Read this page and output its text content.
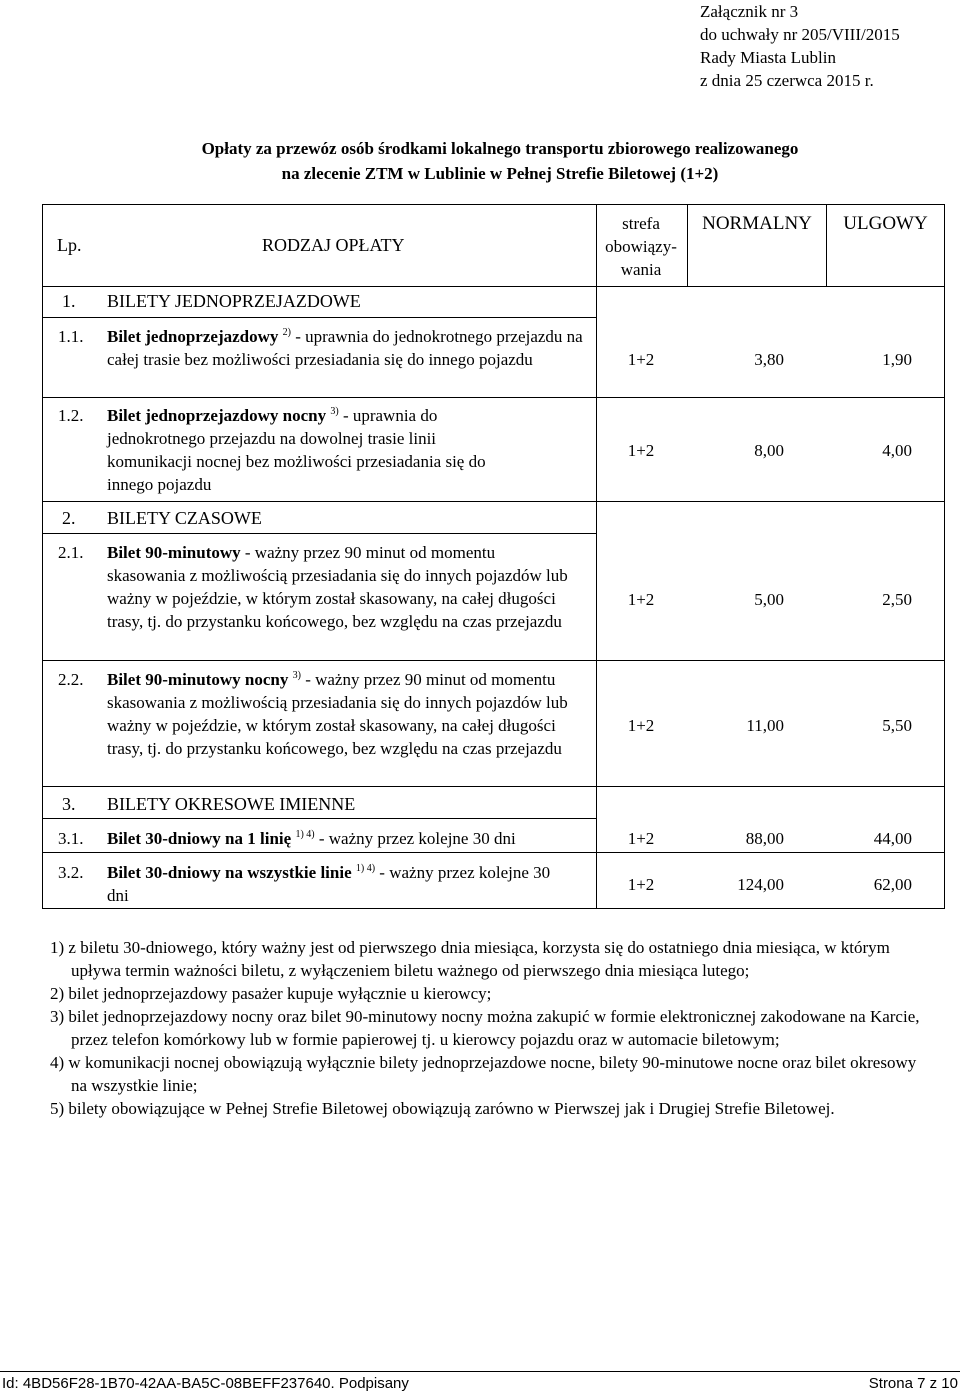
Załącznik nr 3
do uchwały nr 205/VIII/2015
Rady Miasta Lublin
z dnia 25 czerwca 2015 r.
Opłaty za przewóz osób środkami lokalnego transportu zbiorowego realizowanego
na zlecenie ZTM w Lublinie w Pełnej Strefie Biletowej (1+2)
Lp.	RODZAJ OPŁATY
strefa
obowiązy-
wania
NORMALNY	ULGOWY
1. BILETY JEDNOPRZEJAZDOWE
1.1. Bilet jednoprzejazdowy $^{2)}$ - uprawnia do jednokrotnego przejazdu na całej trasie bez możliwości przesiadania się do innego pojazdu	1+2	3,80	1,90
1.2. Bilet jednoprzejazdowy nocny $^{3)}$ - uprawnia do jednokrotnego przejazdu na dowolnej trasie linii komunikacji nocnej bez możliwości przesiadania się do innego pojazdu
1+2	8,00	4,00
2. BILETY CZASOWE
2.1. Bilet 90-minutowy - ważny przez 90 minut od momentu skasowania z możliwością przesiadania się do innych pojazdów lub ważny w pojeździe, w którym został skasowany, na całej długości trasy, tj. do przystanku końcowego, bez względu na czas przejazdu
1+2	5,00	2,50
2.2. Bilet 90-minutowy nocny $^{3)}$ - ważny przez 90 minut od momentu skasowania z możliwością przesiadania się do innych pojazdów lub ważny w pojeździe, w którym został skasowany, na całej długości trasy, tj. do przystanku końcowego, bez względu na czas przejazdu
1+2	11,00	5,50
3. BILETY OKRESOWE IMIENNE
3.1. Bilet 30-dniowy na 1 linię $^{1) 4)}$ - ważny przez kolejne 30 dni	1+2	88,00	44,00
3.2. Bilet 30-dniowy na wszystkie linie $^{1) 4)}$ - ważny przez kolejne 30 dni
1+2	124,00	62,00
1) z biletu 30-dniowego, który ważny jest od pierwszego dnia miesiąca, korzysta się do ostatniego dnia miesiąca, w którym upływa termin ważności biletu, z wyłączeniem biletu ważnego od pierwszego dnia miesiąca lutego;
2) bilet jednoprzejazdowy pasażer kupuje wyłącznie u kierowcy;
3) bilet jednoprzejazdowy nocny oraz bilet 90-minutowy nocny można zakupić w formie elektronicznej zakodowane na Karcie, przez telefon komórkowy lub w formie papierowej tj. u kierowcy pojazdu oraz w automacie biletowym;
4) w komunikacji nocnej obowiązują wyłącznie bilety jednoprzejazdowe nocne, bilety 90-minutowe nocne oraz bilet okresowy na wszystkie linie;
5) bilety obowiązujące w Pełnej Strefie Biletowej obowiązują zarówno w Pierwszej jak i Drugiej Strefie Biletowej.
Id: 4BD56F28-1B70-42AA-BA5C-08BEFF237640. Podpisany	Strona 7 z 10
